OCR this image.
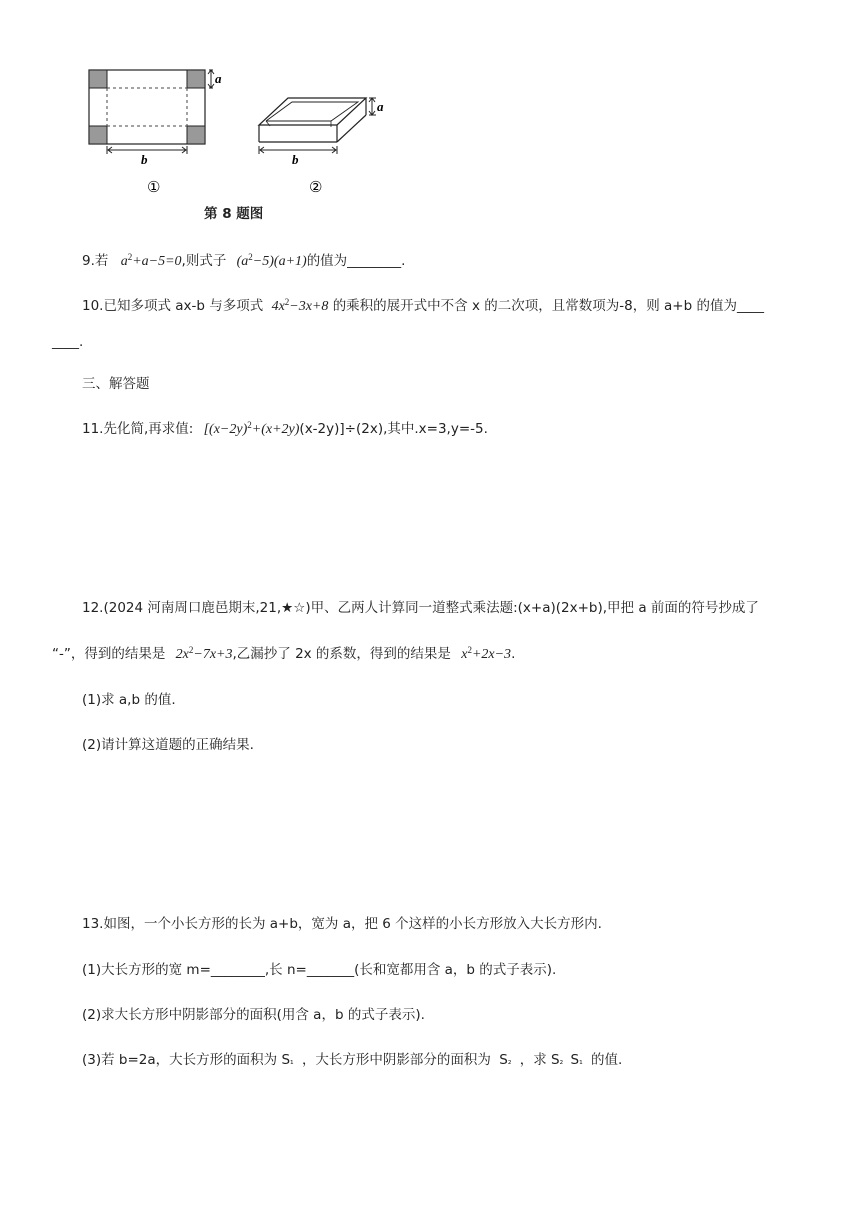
a
b
①
a
b
②
第 8 题图
9.若 $a^2+a-5=0$,则式子 $(a^2-5)(a+1)$的值为________.
10.已知多项式 ax-b 与多项式 $4x^2-3x+8$ 的乘积的展开式中不含 x 的二次项，且常数项为-8，则 a+b 的值为____
____.
三、解答题
11.先化简,再求值: $[(x-2y)^2+(x+2y)(x-2y)]\div(2x)$,其中.x=3,y=-5.
12.(2024 河南周口鹿邑期末,21,★☆)甲、乙两人计算同一道整式乘法题:(x+a)(2x+b),甲把 a 前面的符号抄成了
“-”，得到的结果是 $2x^2-7x+3$,乙漏抄了 2x 的系数，得到的结果是 $x^2+2x-3$.
(1)求 a,b 的值.
(2)请计算这道题的正确结果.
13.如图，一个小长方形的长为 a+b，宽为 a，把 6 个这样的小长方形放入大长方形内.
(1)大长方形的宽 m=________,长 n=_______(长和宽都用含 a，b 的式子表示).
(2)求大长方形中阴影部分的面积(用含 a，b 的式子表示).
(3)若 b=2a，大长方形的面积为 S₁ ，大长方形中阴影部分的面积为 S₂ ，求 S₂ S₁ 的值.
